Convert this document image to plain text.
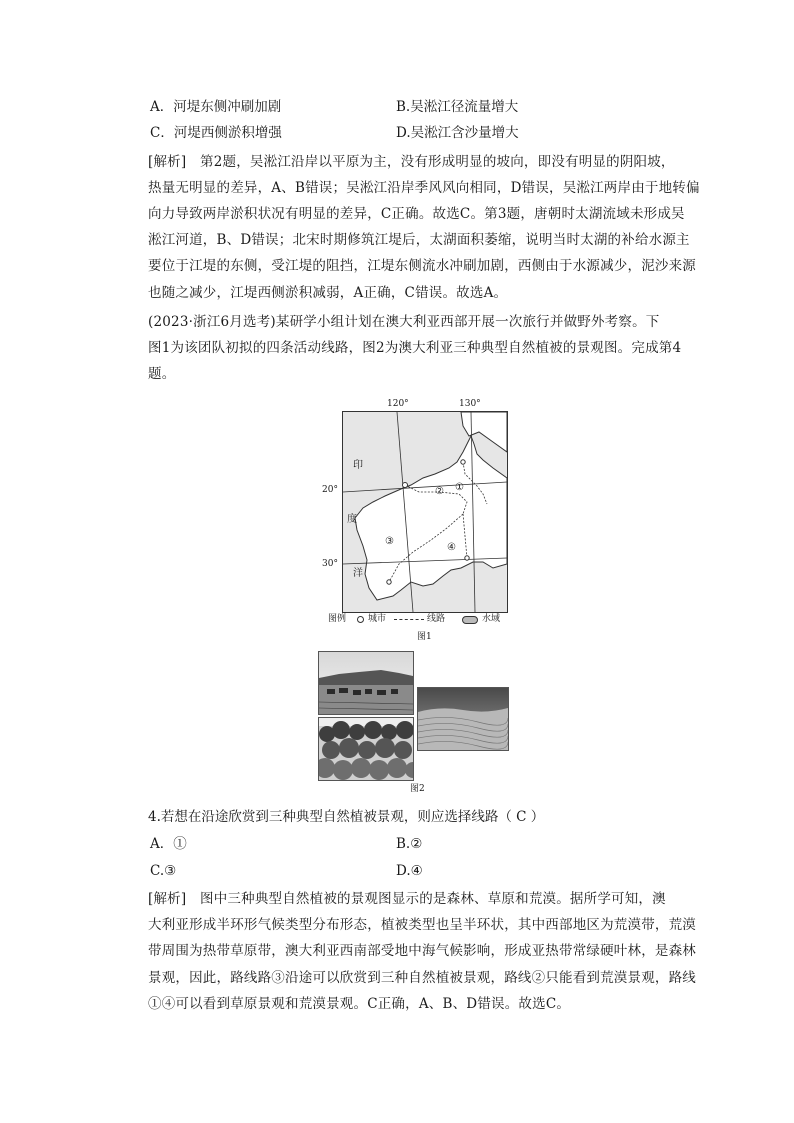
A．河堤东侧冲刷加剧	B.吴淞江径流量增大
C．河堤西侧淤积增强	D.吴淞江含沙量增大
[解析]　第2题，吴淞江沿岸以平原为主，没有形成明显的坡向，即没有明显的阴阳坡，
热量无明显的差异，A、B错误；吴淞江沿岸季风风向相同，D错误，吴淞江两岸由于地转偏
向力导致两岸淤积状况有明显的差异，C正确。故选C。第3题，唐朝时太湖流域未形成吴
淞江河道，B、D错误；北宋时期修筑江堤后，太湖面积萎缩，说明当时太湖的补给水源主
要位于江堤的东侧，受江堤的阻挡，江堤东侧流水冲刷加剧，西侧由于水源减少，泥沙来源
也随之减少，江堤西侧淤积减弱，A正确，C错误。故选A。
(2023·浙江6月选考)某研学小组计划在澳大利亚西部开展一次旅行并做野外考察。下
图1为该团队初拟的四条活动线路，图2为澳大利亚三种典型自然植被的景观图。完成第4
题。
120°	130°
20°
30°
印
度
洋
①
②
③
④
图例 城市	线路	水域
图1
图2
4.若想在沿途欣赏到三种典型自然植被景观，则应选择线路（ C ）
A．①	B.②
C.③	D.④
[解析]　图中三种典型自然植被的景观图显示的是森林、草原和荒漠。据所学可知，澳
大利亚形成半环形气候类型分布形态，植被类型也呈半环状，其中西部地区为荒漠带，荒漠
带周围为热带草原带，澳大利亚西南部受地中海气候影响，形成亚热带常绿硬叶林，是森林
景观，因此，路线路③沿途可以欣赏到三种自然植被景观，路线②只能看到荒漠景观，路线
①④可以看到草原景观和荒漠景观。C正确，A、B、D错误。故选C。
